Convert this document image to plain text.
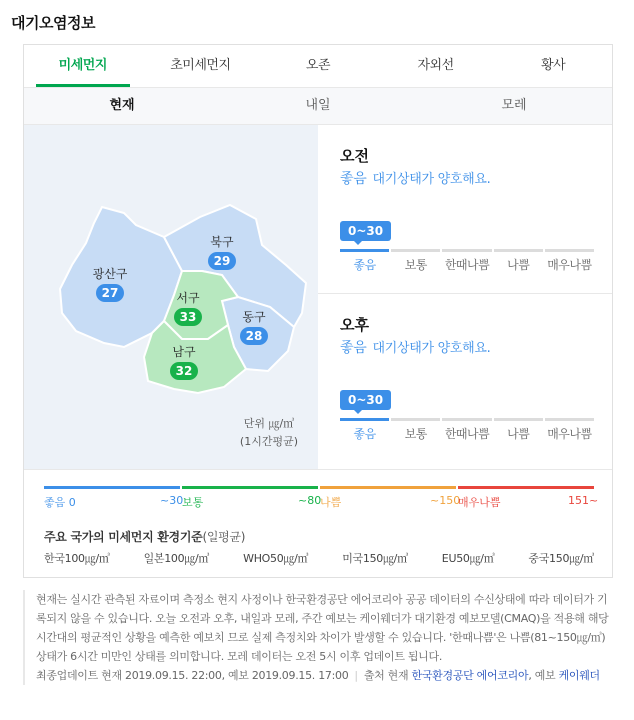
대기오염정보
미세먼지	초미세먼지	오존	자외선	황사
현재	내일	모레
광산구
27
북구
29
서구
33	동구
28
남구
32
단위 ㎍/㎥
(1시간평균)
오전
좋음 대기상태가 양호해요.
0~30
좋음	보통	한때나쁨	나쁨	매우나쁨
오후
좋음 대기상태가 양호해요.
0~30
좋음	보통	한때나쁨	나쁨	매우나쁨
좋음 0	~30
보통	~80
나쁨	~150
매우나쁨	151~
주요 국가의 미세먼지 환경기준(일평균)
한국100㎍/㎥	일본100㎍/㎥	WHO50㎍/㎥	미국150㎍/㎥	EU50㎍/㎥	중국150㎍/㎥

현재는 실시간 관측된 자료이며 측정소 현지 사정이나 한국환경공단 에어코리아 공공 데이터의 수신상태에 따라 데이터가 기록되지 않을 수 있습니다. 오늘 오전과 오후, 내일과 모레, 주간 예보는 케이웨더가 대기환경 예보모델(CMAQ)을 적용해 해당 시간대의 평균적인 상황을 예측한 예보치 므로 실제 측정치와 차이가 발생할 수 있습니다. '한때나쁨'은 나쁨(81~150㎍/㎥)상태가 6시간 미만인 상태를 의미합니다. 모레 데이터는 오전 5시 이후 업데이트 됩니다.

최종업데이트 현재 2019.09.15. 22:00, 예보 2019.09.15. 17:00 | 출처 현재 한국환경공단 에어코리아, 예보 케이웨더
